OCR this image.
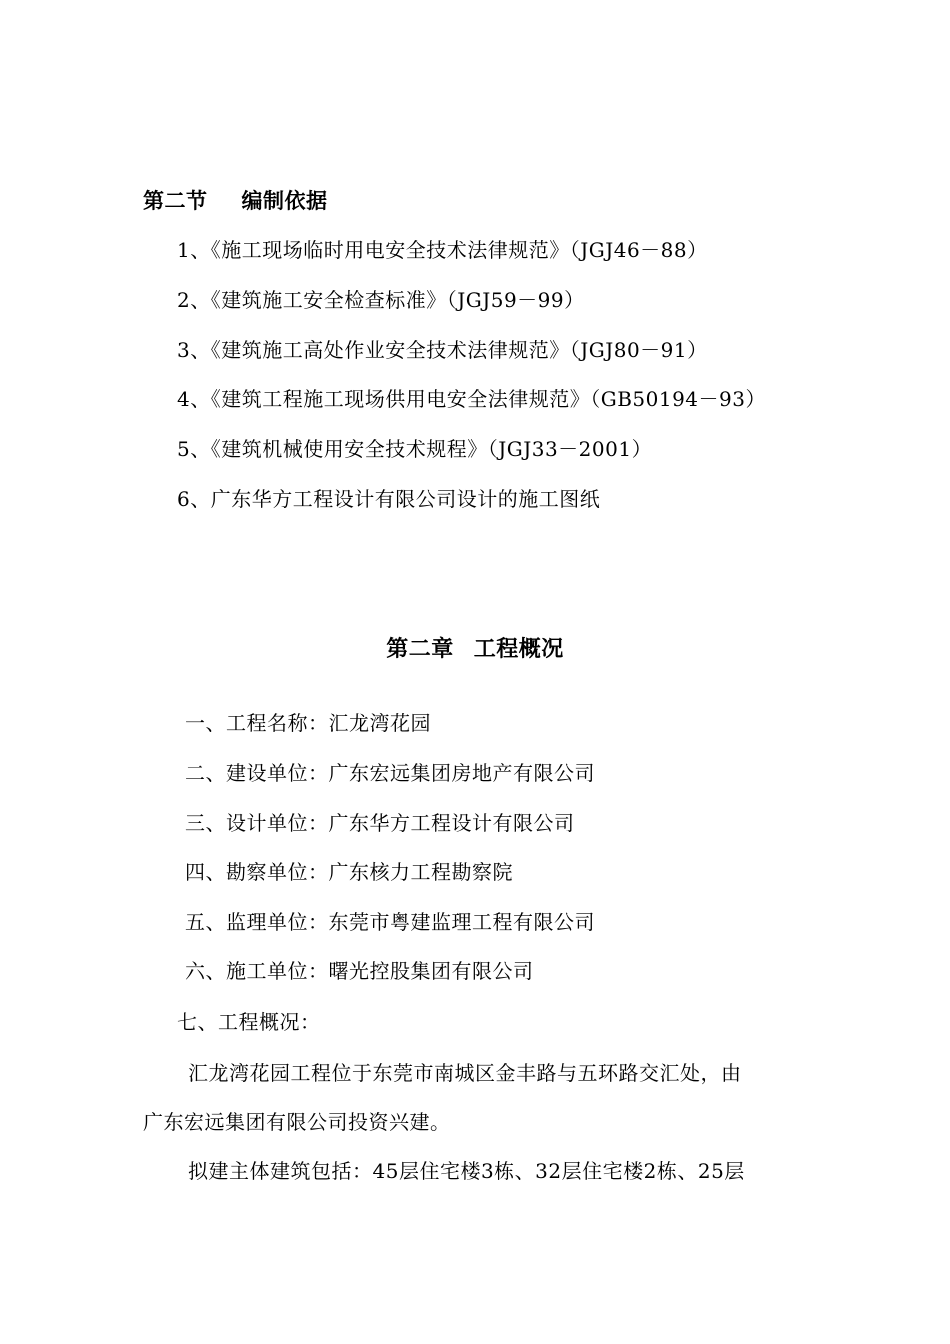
第二节 编制依据
1、《施工现场临时用电安全技术法律规范》（JGJ46－88）
2、《建筑施工安全检查标准》（JGJ59－99）
3、《建筑施工高处作业安全技术法律规范》（JGJ80－91）
4、《建筑工程施工现场供用电安全法律规范》（GB50194－93）
5、《建筑机械使用安全技术规程》（JGJ33－2001）
6、广东华方工程设计有限公司设计的施工图纸
第二章 工程概况
一、工程名称：汇龙湾花园
二、建设单位：广东宏远集团房地产有限公司
三、设计单位：广东华方工程设计有限公司
四、勘察单位：广东核力工程勘察院
五、监理单位：东莞市粤建监理工程有限公司
六、施工单位：曙光控股集团有限公司
七、工程概况：
汇龙湾花园工程位于东莞市南城区金丰路与五环路交汇处，由
广东宏远集团有限公司投资兴建。
拟建主体建筑包括：45层住宅楼3栋、32层住宅楼2栋、25层
